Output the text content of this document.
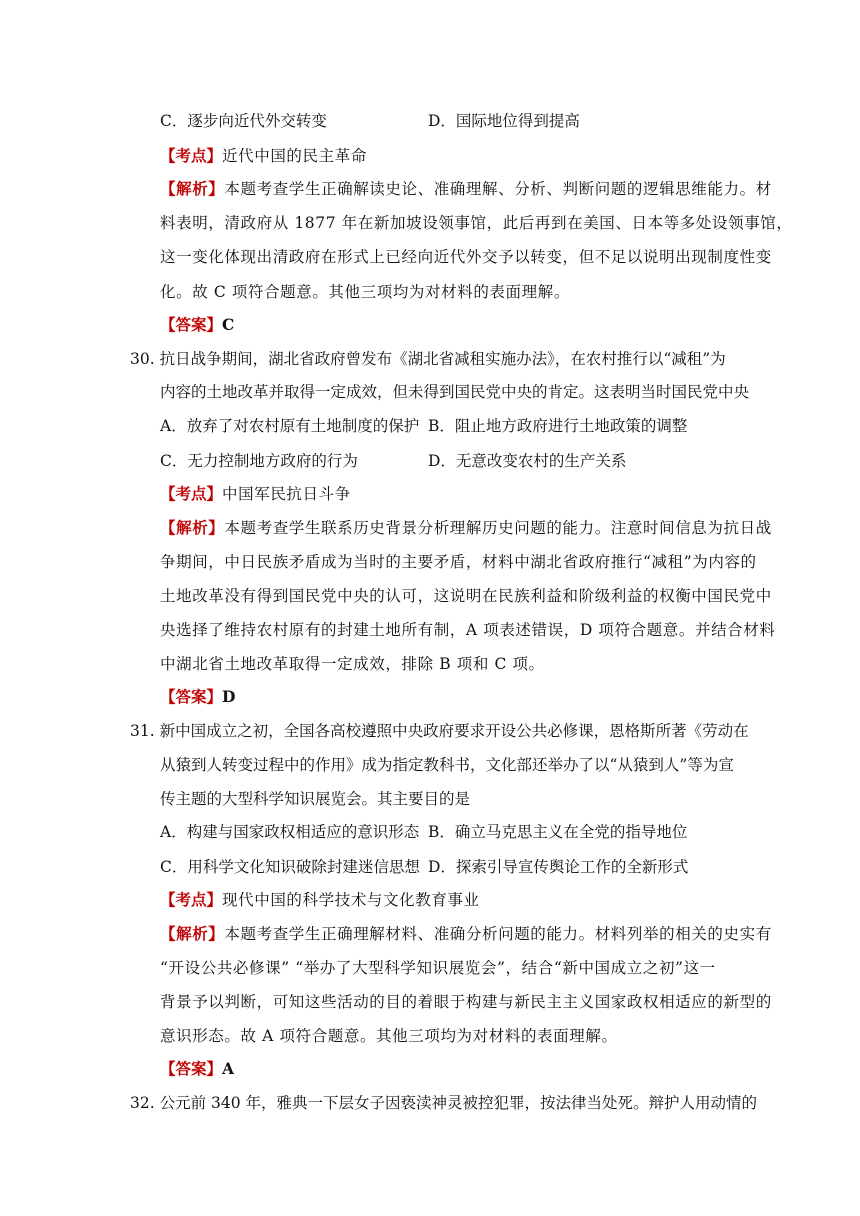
C．逐步向近代外交转变	D．国际地位得到提高
【考点】近代中国的民主革命
【解析】本题考查学生正确解读史论、准确理解、分析、判断问题的逻辑思维能力。材
料表明，清政府从 1877 年在新加坡设领事馆，此后再到在美国、日本等多处设领事馆，
这一变化体现出清政府在形式上已经向近代外交予以转变，但不足以说明出现制度性变
化。故 C 项符合题意。其他三项均为对材料的表面理解。
【答案】C
30. 抗日战争期间，湖北省政府曾发布《湖北省减租实施办法》，在农村推行以“减租”为
内容的土地改革并取得一定成效，但未得到国民党中央的肯定。这表明当时国民党中央
A．放弃了对农村原有土地制度的保护 B．阻止地方政府进行土地政策的调整
C．无力控制地方政府的行为	D．无意改变农村的生产关系
【考点】中国军民抗日斗争
【解析】本题考查学生联系历史背景分析理解历史问题的能力。注意时间信息为抗日战
争期间，中日民族矛盾成为当时的主要矛盾，材料中湖北省政府推行“减租”为内容的
土地改革没有得到国民党中央的认可，这说明在民族利益和阶级利益的权衡中国民党中
央选择了维持农村原有的封建土地所有制，A 项表述错误，D 项符合题意。并结合材料
中湖北省土地改革取得一定成效，排除 B 项和 C 项。
【答案】D
31. 新中国成立之初，全国各高校遵照中央政府要求开设公共必修课，恩格斯所著《劳动在
从猿到人转变过程中的作用》成为指定教科书，文化部还举办了以“从猿到人”等为宣
传主题的大型科学知识展览会。其主要目的是
A．构建与国家政权相适应的意识形态 B．确立马克思主义在全党的指导地位
C．用科学文化知识破除封建迷信思想 D．探索引导宣传舆论工作的全新形式
【考点】现代中国的科学技术与文化教育事业
【解析】本题考查学生正确理解材料、准确分析问题的能力。材料列举的相关的史实有
“开设公共必修课” “举办了大型科学知识展览会”，结合“新中国成立之初”这一
背景予以判断，可知这些活动的目的着眼于构建与新民主主义国家政权相适应的新型的
意识形态。故 A 项符合题意。其他三项均为对材料的表面理解。
【答案】A
32. 公元前 340 年，雅典一下层女子因亵渎神灵被控犯罪，按法律当处死。辩护人用动情的
